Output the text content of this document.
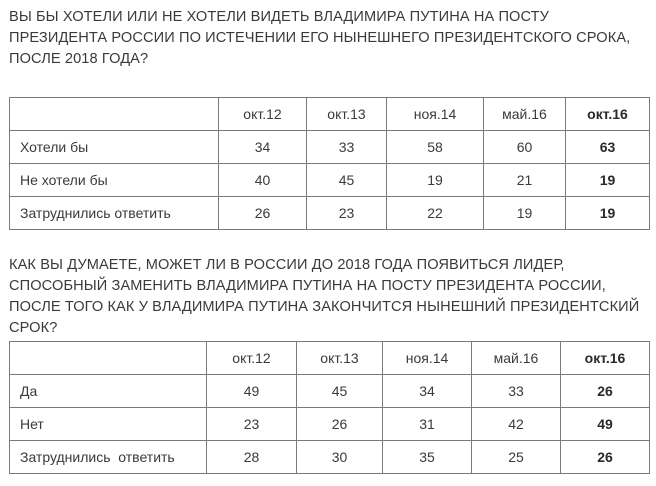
ВЫ БЫ ХОТЕЛИ ИЛИ НЕ ХОТЕЛИ ВИДЕТЬ ВЛАДИМИРА ПУТИНА НА ПОСТУ ПРЕЗИДЕНТА РОССИИ ПО ИСТЕЧЕНИИ ЕГО НЫНЕШНЕГО ПРЕЗИДЕНТСКОГО СРОКА, ПОСЛЕ 2018 ГОДА?
	окт.12	окт.13	ноя.14	май.16	окт.16
Хотели бы	34	33	58	60	63
Не хотели бы	40	45	19	21	19
Затруднились ответить	26	23	22	19	19
КАК ВЫ ДУМАЕТЕ, МОЖЕТ ЛИ В РОССИИ ДО 2018 ГОДА ПОЯВИТЬСЯ ЛИДЕР, СПОСОБНЫЙ ЗАМЕНИТЬ ВЛАДИМИРА ПУТИНА НА ПОСТУ ПРЕЗИДЕНТА РОССИИ, ПОСЛЕ ТОГО КАК У ВЛАДИМИРА ПУТИНА ЗАКОНЧИТСЯ НЫНЕШНИЙ ПРЕЗИДЕНТСКИЙ СРОК?
	окт.12	окт.13	ноя.14	май.16	окт.16
Да	49	45	34	33	26
Нет	23	26	31	42	49
Затруднились  ответить	28	30	35	25	26
